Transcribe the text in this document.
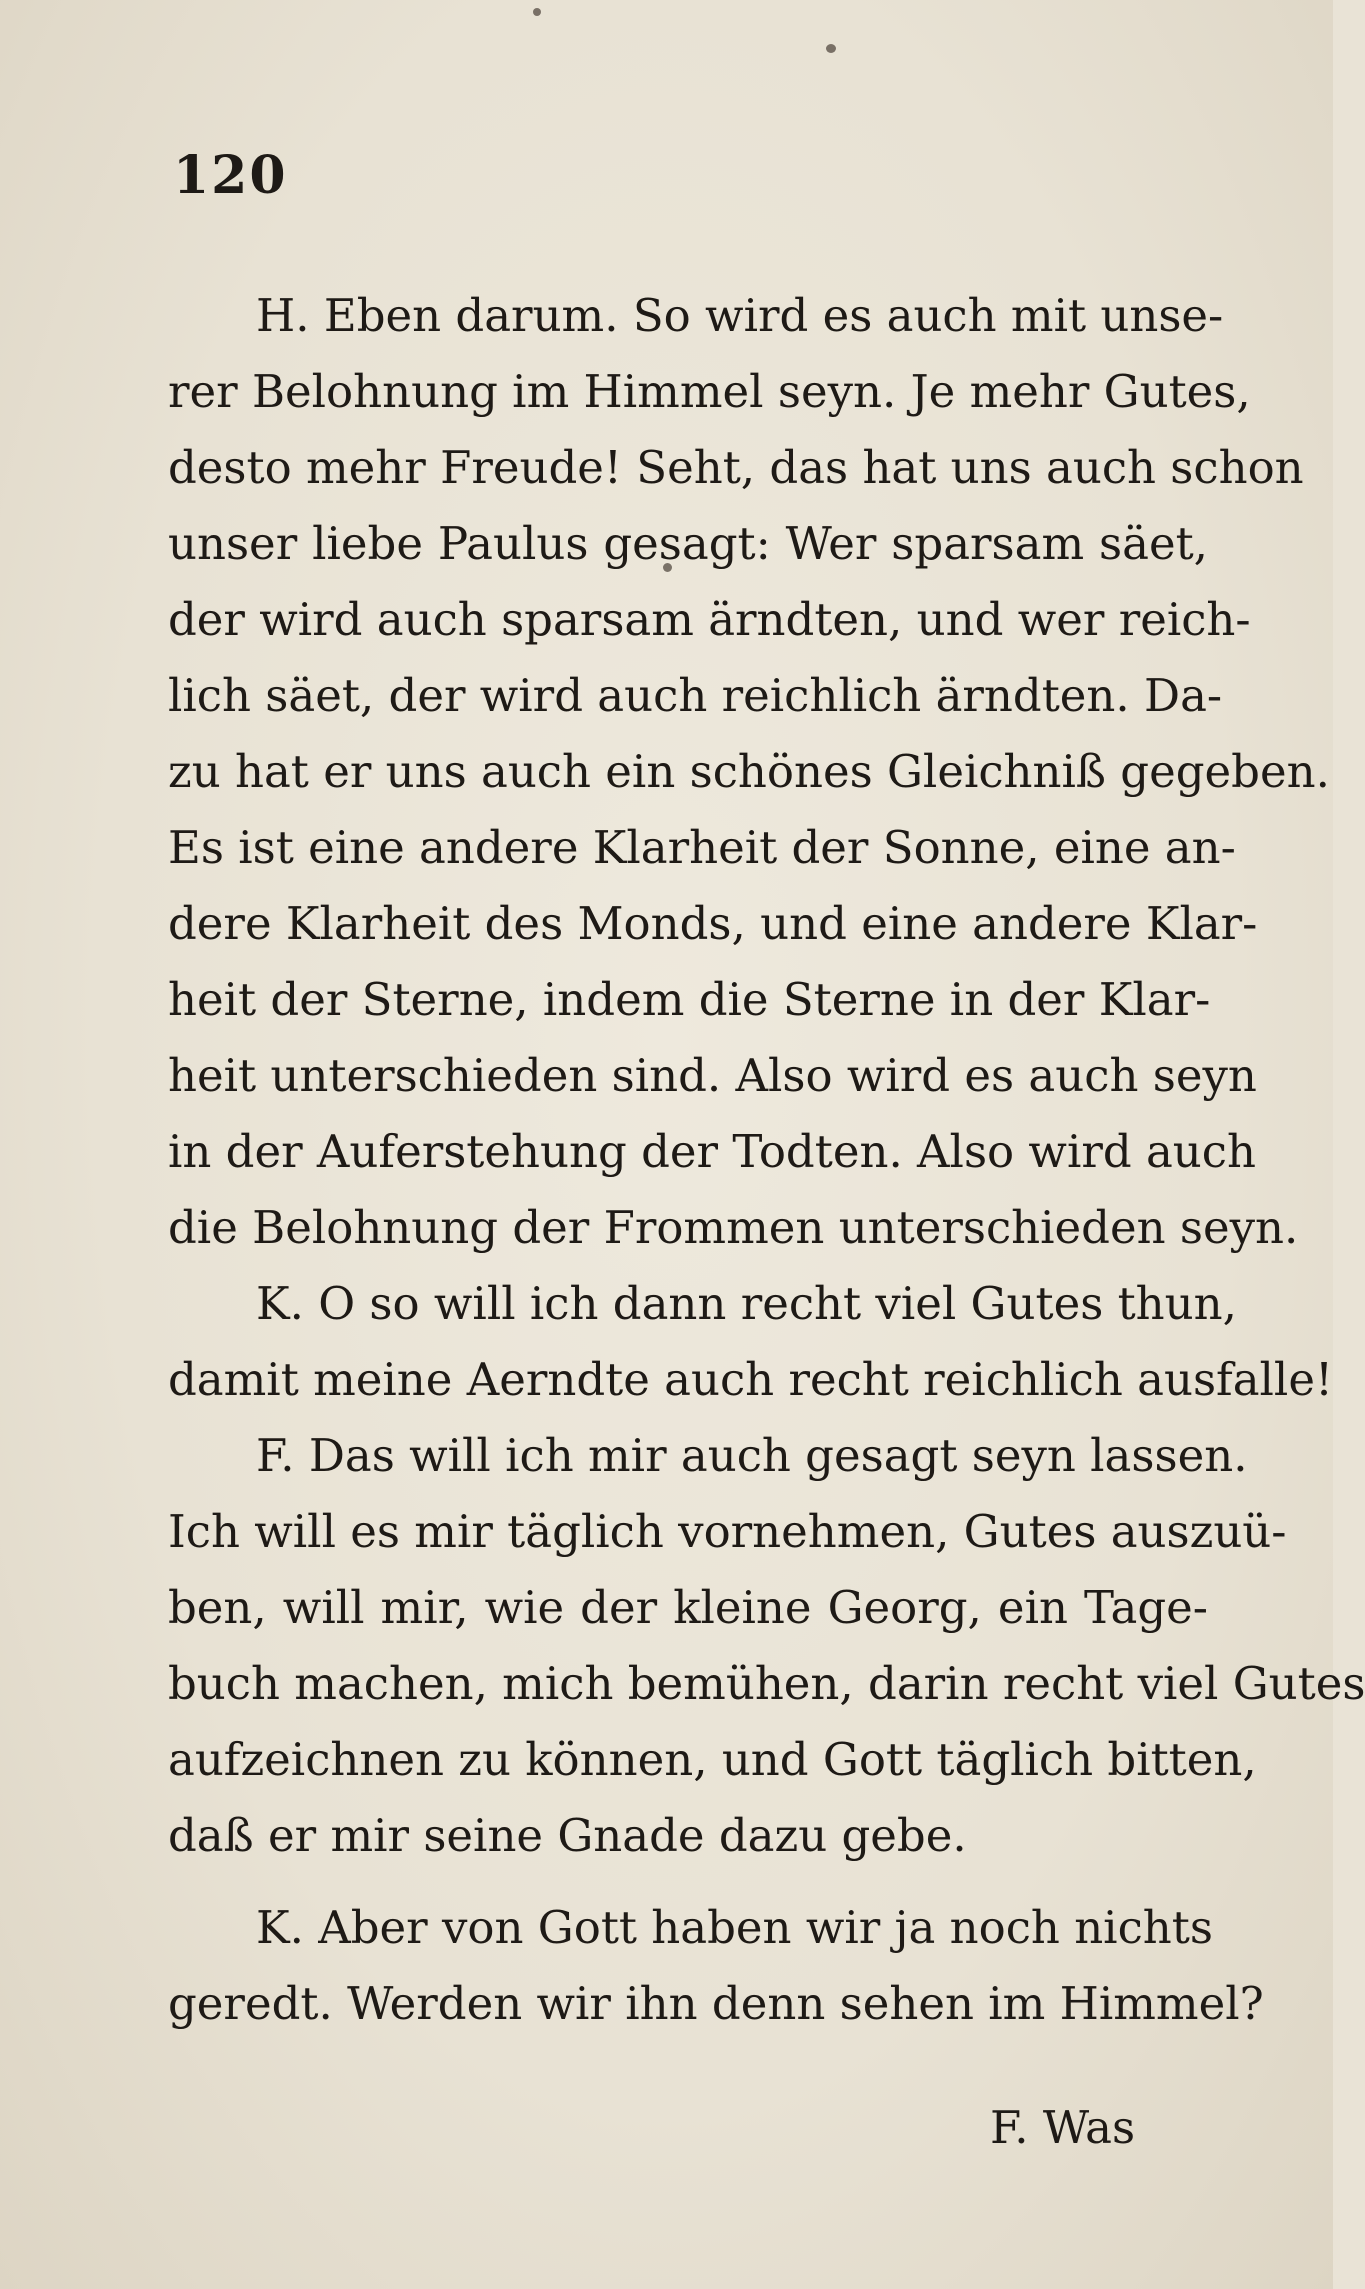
120
H. Eben darum. So wird es auch mit unse-
rer Belohnung im Himmel seyn. Je mehr Gutes,
desto mehr Freude! Seht, das hat uns auch schon
unser liebe Paulus gesagt: Wer sparsam säet,
der wird auch sparsam ärndten, und wer reich-
lich säet, der wird auch reichlich ärndten. Da-
zu hat er uns auch ein schönes Gleichniß gegeben.
Es ist eine andere Klarheit der Sonne, eine an-
dere Klarheit des Monds, und eine andere Klar-
heit der Sterne, indem die Sterne in der Klar-
heit unterschieden sind. Also wird es auch seyn
in der Auferstehung der Todten. Also wird auch
die Belohnung der Frommen unterschieden seyn.
K. O so will ich dann recht viel Gutes thun,
damit meine Aerndte auch recht reichlich ausfalle!
F. Das will ich mir auch gesagt seyn lassen.
Ich will es mir täglich vornehmen, Gutes auszuü-
ben, will mir, wie der kleine Georg, ein Tage-
buch machen, mich bemühen, darin recht viel Gutes
aufzeichnen zu können, und Gott täglich bitten,
daß er mir seine Gnade dazu gebe.
K. Aber von Gott haben wir ja noch nichts
geredt. Werden wir ihn denn sehen im Himmel?
F. Was
